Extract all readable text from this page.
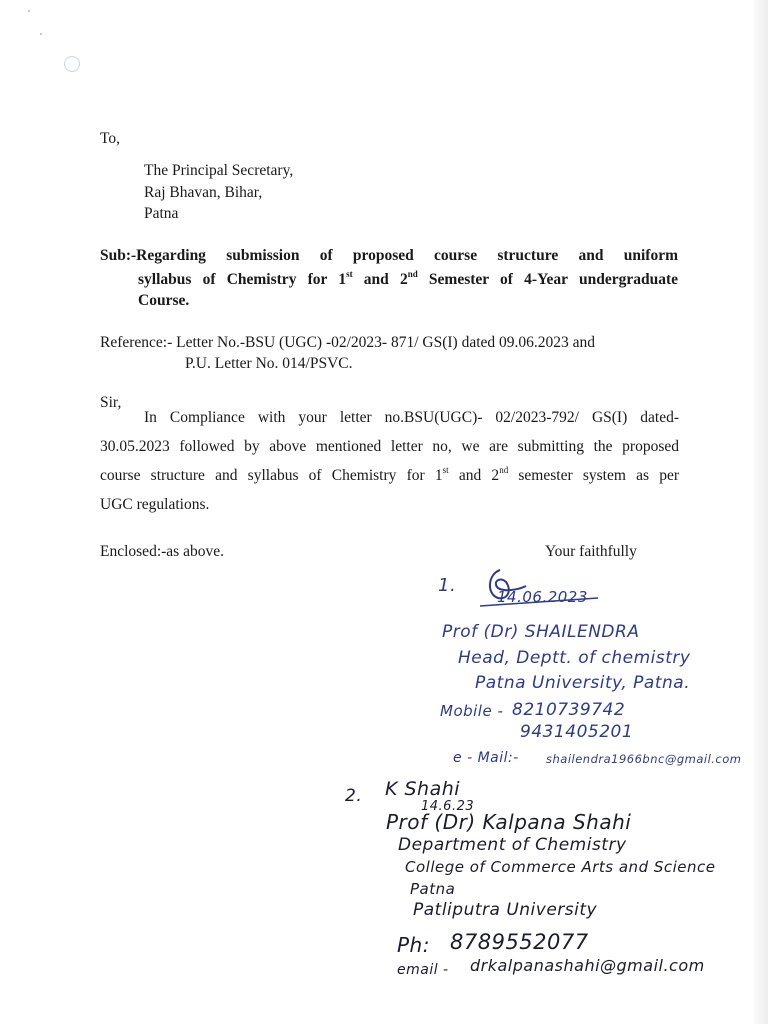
To,
The Principal Secretary,
Raj Bhavan, Bihar,
Patna
Sub:-Regarding submission of proposed course structure and uniform
syllabus of Chemistry for 1st and 2nd Semester of 4-Year undergraduate
Course.
Reference:- Letter No.-BSU (UGC) -02/2023- 871/ GS(I) dated 09.06.2023 and
P.U. Letter No. 014/PSVC.
Sir,
In Compliance with your letter no.BSU(UGC)- 02/2023-792/ GS(I) dated-
30.05.2023 followed by above mentioned letter no, we are submitting the proposed
course structure and syllabus of Chemistry for 1st and 2nd semester system as per
UGC regulations.
Enclosed:-as above.	Your faithfully
1.
14.06.2023
Prof (Dr) SHAILENDRA
Head, Deptt. of chemistry
Patna University, Patna.
Mobile - 8210739742
9431405201
e - Mail:- shailendra1966bnc@gmail.com
2. K Shahi
14.6.23
Prof (Dr) Kalpana Shahi
Department of Chemistry
College of Commerce Arts and Science
Patna
Patliputra University
Ph: 8789552077
email - drkalpanashahi@gmail.com
